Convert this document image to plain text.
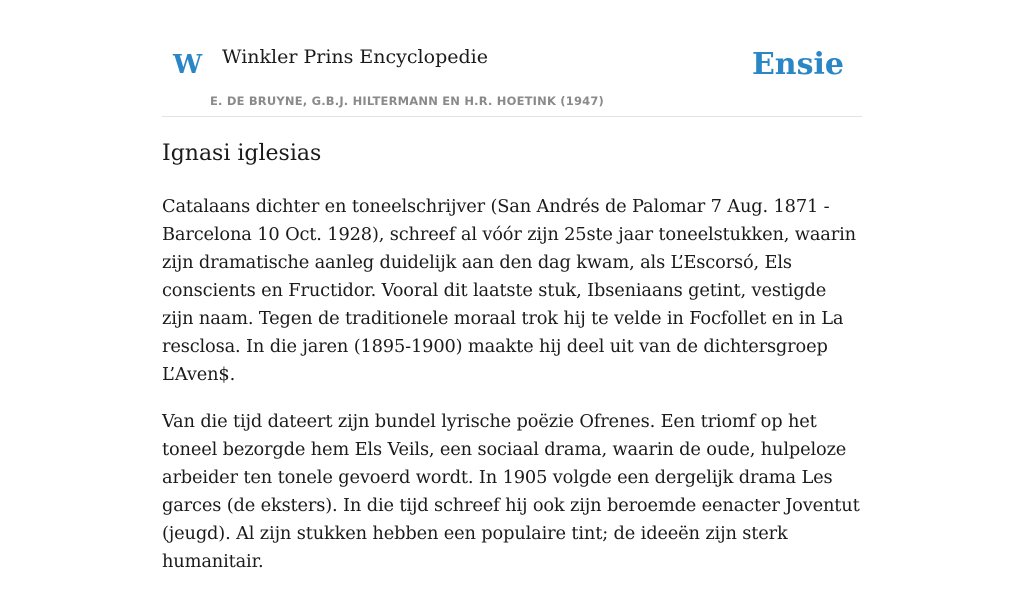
W Winkler Prins Encyclopedie
E. DE BRUYNE, G.B.J. HILTERMANN EN H.R. HOETINK (1947)
Ensie
Ignasi iglesias

Catalaans dichter en toneelschrijver (San Andrés de Palomar 7 Aug. 1871 - Barcelona 10 Oct. 1928), schreef al vóór zijn 25ste jaar toneelstukken, waarin zijn dramatische aanleg duidelijk aan den dag kwam, als L’Escorsó, Els conscients en Fructidor. Vooral dit laatste stuk, Ibseniaans getint, vestigde zijn naam. Tegen de traditionele moraal trok hij te velde in Focfollet en in La resclosa. In die jaren (1895-1900) maakte hij deel uit van de dichtersgroep L’Aven$.

Van die tijd dateert zijn bundel lyrische poëzie Ofrenes. Een triomf op het toneel bezorgde hem Els Veils, een sociaal drama, waarin de oude, hulpeloze arbeider ten tonele gevoerd wordt. In 1905 volgde een dergelijk drama Les garces (de eksters). In die tijd schreef hij ook zijn beroemde eenacter Joventut (jeugd). Al zijn stukken hebben een populaire tint; de ideeën zijn sterk humanitair.
